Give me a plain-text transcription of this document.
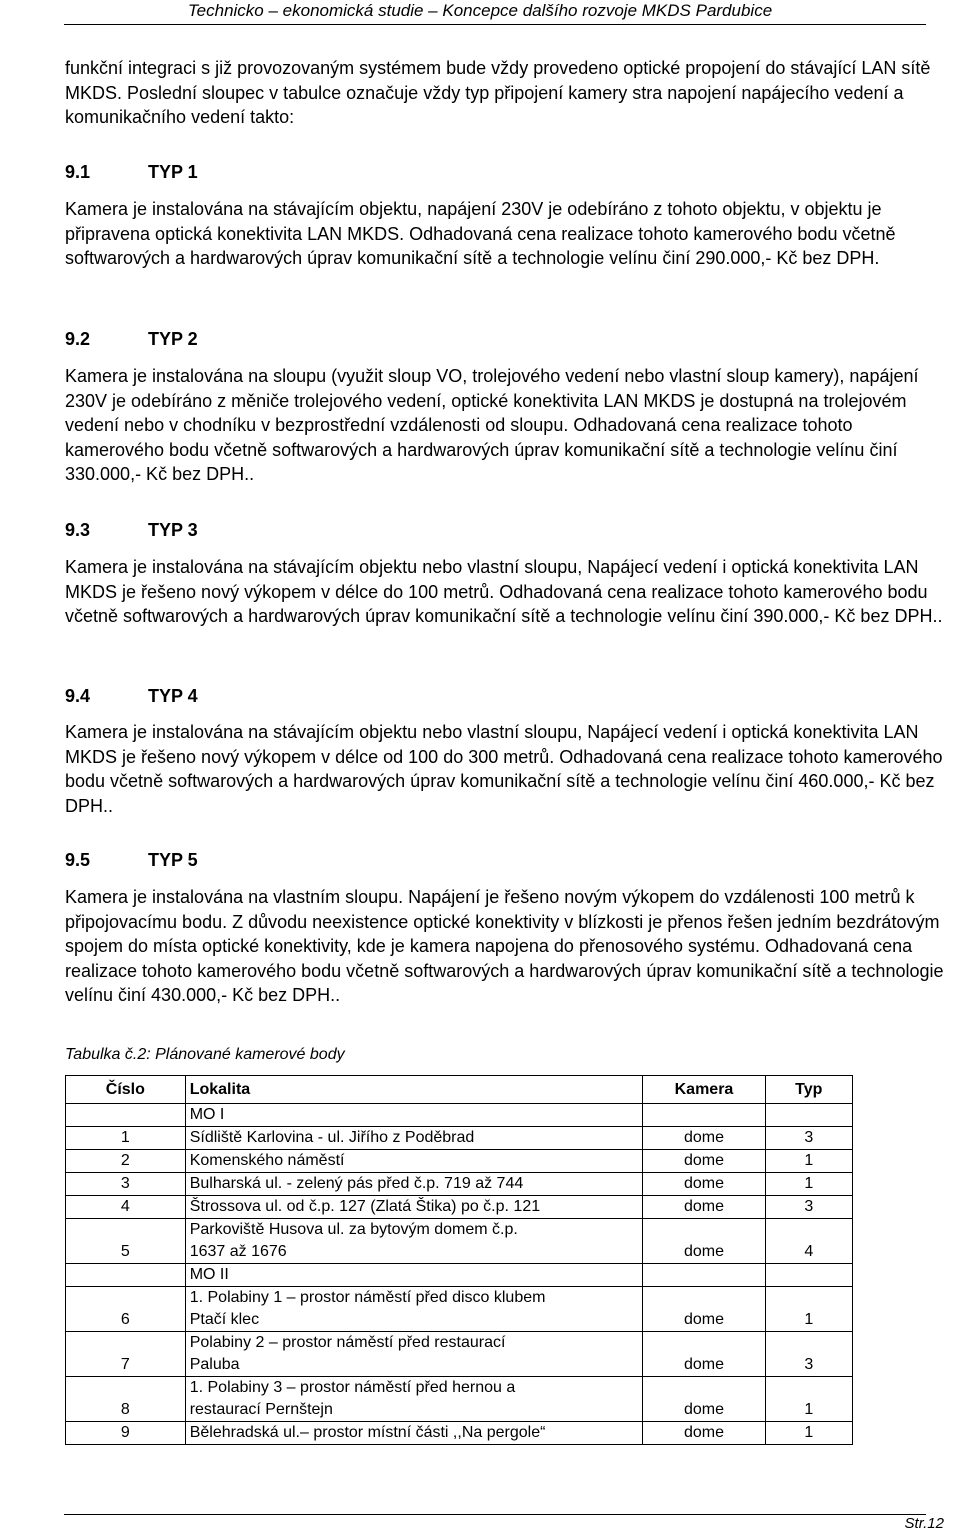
Technicko – ekonomická studie – Koncepce dalšího rozvoje MKDS Pardubice

funkční integraci s již provozovaným systémem bude vždy provedeno optické propojení do stávající LAN sítě MKDS. Poslední sloupec v tabulce označuje vždy typ připojení kamery stra napojení napájecího vedení a komunikačního vedení takto:

9.1	TYP 1

Kamera je instalována na stávajícím objektu, napájení 230V je odebíráno z tohoto objektu, v objektu je připravena optická konektivita LAN MKDS. Odhadovaná cena realizace tohoto kamerového bodu včetně softwarových a hardwarových úprav komunikační sítě a technologie velínu činí 290.000,- Kč bez DPH.

9.2	TYP 2

Kamera je instalována na sloupu (využit sloup VO, trolejového vedení nebo vlastní sloup kamery), napájení 230V je odebíráno z měniče trolejového vedení, optické konektivita LAN MKDS je dostupná na trolejovém vedení nebo v chodníku v bezprostřední vzdálenosti od sloupu. Odhadovaná cena realizace tohoto kamerového bodu včetně softwarových a hardwarových úprav komunikační sítě a technologie velínu činí 330.000,- Kč bez DPH..

9.3	TYP 3

Kamera je instalována na stávajícím objektu nebo vlastní sloupu, Napájecí vedení i optická konektivita LAN MKDS je řešeno nový výkopem v délce do 100 metrů. Odhadovaná cena realizace tohoto kamerového bodu včetně softwarových a hardwarových úprav komunikační sítě a technologie velínu činí 390.000,- Kč bez DPH..

9.4	TYP 4

Kamera je instalována na stávajícím objektu nebo vlastní sloupu, Napájecí vedení i optická konektivita LAN MKDS je řešeno nový výkopem v délce od 100 do 300 metrů. Odhadovaná cena realizace tohoto kamerového bodu včetně softwarových a hardwarových úprav komunikační sítě a technologie velínu činí 460.000,- Kč bez DPH..

9.5	TYP 5

Kamera je instalována na vlastním sloupu. Napájení je řešeno novým výkopem do vzdálenosti 100 metrů k připojovacímu bodu. Z důvodu neexistence optické konektivity v blízkosti je přenos řešen jedním bezdrátovým spojem do místa optické konektivity, kde je kamera napojena do přenosového systému. Odhadovaná cena realizace tohoto kamerového bodu včetně softwarových a hardwarových úprav komunikační sítě a technologie velínu činí 430.000,- Kč bez DPH..

Tabulka č.2: Plánované kamerové body
Číslo	Lokalita	Kamera	Typ
	MO I		
1	Sídliště Karlovina - ul. Jiřího z Poděbrad	dome	3
2	Komenského náměstí	dome	1
3	Bulharská ul. - zelený pás před č.p. 719 až 744	dome	1
4	Štrossova ul. od č.p. 127 (Zlatá Štika) po č.p. 121	dome	3
5	Parkoviště Husova ul. za bytovým domem č.p.
1637 až 1676	dome	4
	MO II		
6	1. Polabiny 1 – prostor náměstí před disco klubem
Ptačí klec	dome	1
7	Polabiny 2 – prostor náměstí před restaurací
Paluba	dome	3
8	1. Polabiny 3 – prostor náměstí před hernou a
restaurací Pernštejn	dome	1
9	Bělehradská ul.– prostor místní části ,,Na pergole“	dome	1
Str.12
